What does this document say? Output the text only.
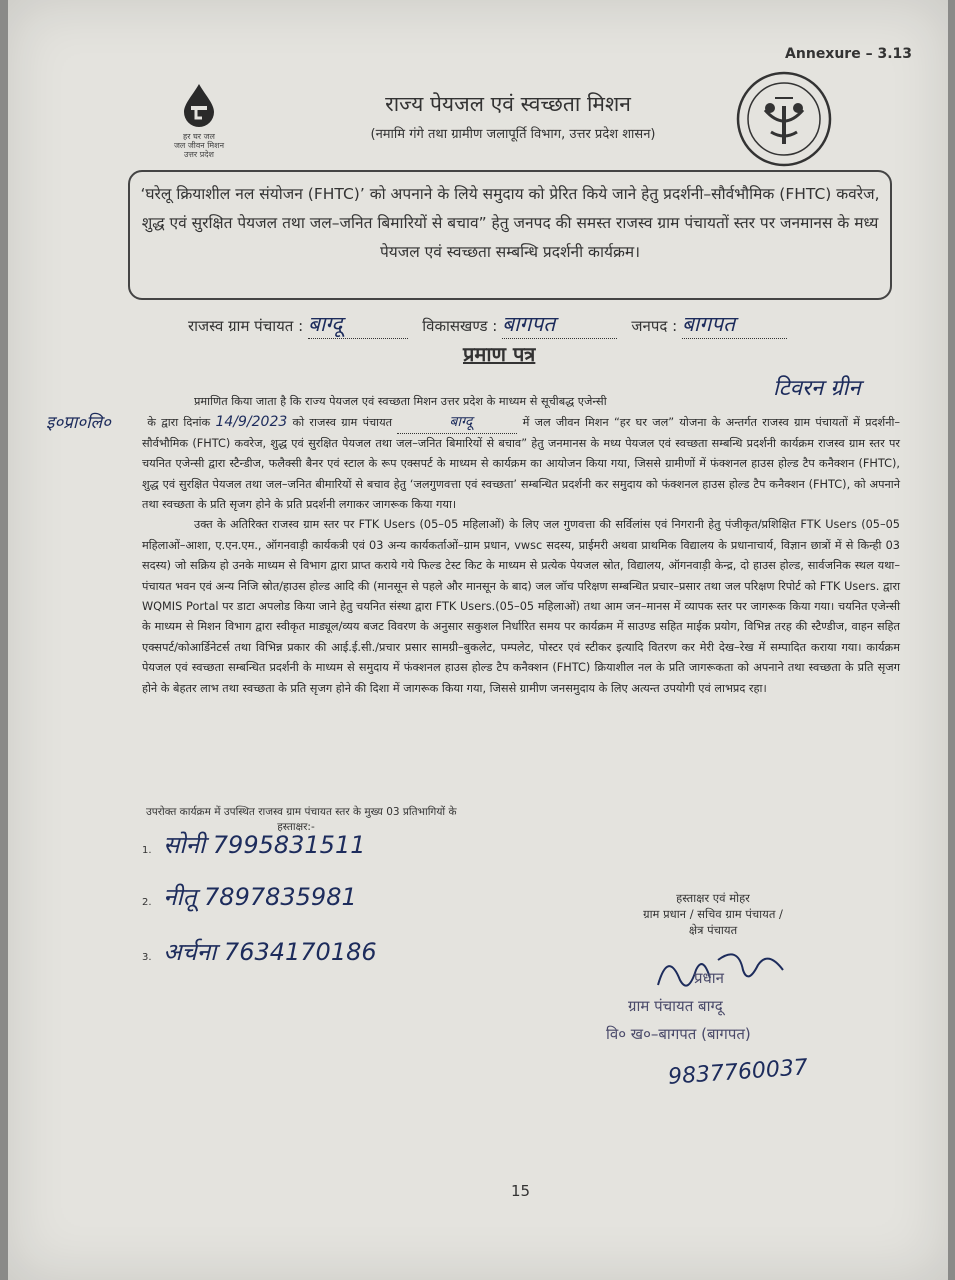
Annexure – 3.13
हर घर जल
जल जीवन मिशन
उत्तर प्रदेश
राज्य पेयजल एवं स्वच्छता मिशन
(नमामि गंगे तथा ग्रामीण जलापूर्ति विभाग, उत्तर प्रदेश शासन)

‘घरेलू क्रियाशील नल संयोजन (FHTC)’ को अपनाने के लिये समुदाय को प्रेरित किये जाने हेतु प्रदर्शनी–सौर्वभौमिक (FHTC) कवरेज, शुद्ध एवं सुरक्षित पेयजल तथा जल–जनित बिमारियों से बचाव” हेतु जनपद की समस्त राजस्व ग्राम पंचायतों स्तर पर जनमानस के मध्य पेयजल एवं स्वच्छता सम्बन्धि प्रदर्शनी कार्यक्रम।

राजस्व ग्राम पंचायत : बाग्दू	विकासखण्ड : बागपत	जनपद : बागपत
प्रमाण पत्र
टिवरन ग्रीन
इ०प्रा०लि०

प्रमाणित किया जाता है कि राज्य पेयजल एवं स्वच्छता मिशन उत्तर प्रदेश के माध्यम से सूचीबद्ध एजेन्सी
के द्वारा दिनांक 14/9/2023 को राजस्व ग्राम पंचायत	बाग्दू	में जल जीवन मिशन “हर घर जल” योजना के अन्तर्गत राजस्व ग्राम पंचायतों में प्रदर्शनी–सौर्वभौमिक (FHTC) कवरेज, शुद्ध एवं सुरक्षित पेयजल तथा जल–जनित बिमारियों से बचाव” हेतु जनमानस के मध्य पेयजल एवं स्वच्छता सम्बन्धि प्रदर्शनी कार्यक्रम राजस्व ग्राम स्तर पर चयनित एजेन्सी द्वारा स्टैन्डीज, फलैक्सी बैनर एवं स्टाल के रूप एक्सपर्ट के माध्यम से कार्यक्रम का आयोजन किया गया, जिससे ग्रामीणों में फंक्शनल हाउस होल्ड टैप कनैक्शन (FHTC), शुद्ध एवं सुरक्षित पेयजल तथा जल–जनित बीमारियों से बचाव हेतु ‘जलगुणवत्ता एवं स्वच्छता’ सम्बन्धित प्रदर्शनी कर समुदाय को फंक्शनल हाउस होल्ड टैप कनैक्शन (FHTC), को अपनाने तथा स्वच्छता के प्रति सृजग होने के प्रति प्रदर्शनी लगाकर जागरूक किया गया।

उक्त के अतिरिक्त राजस्व ग्राम स्तर पर FTK Users (05–05 महिलाओं) के लिए जल गुणवत्ता की सर्विलांस एवं निगरानी हेतु पंजीकृत/प्रशिक्षित FTK Users (05–05 महिलाओं–आशा, ए.एन.एम., ऑगनवाड़ी कार्यकत्री एवं 03 अन्य कार्यकर्ताओं–ग्राम प्रधान, vwsc सदस्य, प्राईमरी अथवा प्राथमिक विद्यालय के प्रधानाचार्य, विज्ञान छात्रों में से किन्ही 03 सदस्य) जो सक्रिय हो उनके माध्यम से विभाग द्वारा प्राप्त कराये गये फिल्ड टेस्ट किट के माध्यम से प्रत्येक पेयजल स्रोत, विद्यालय, ऑगनवाड़ी केन्द्र, दो हाउस होल्ड, सार्वजनिक स्थल यथा–पंचायत भवन एवं अन्य निजि स्रोत/हाउस होल्ड आदि की (मानसून से पहले और मानसून के बाद) जल जॉच परिक्षण सम्बन्धित प्रचार–प्रसार तथा जल परिक्षण रिपोर्ट को FTK Users. द्वारा WQMIS Portal पर डाटा अपलोड किया जाने हेतु चयनित संस्था द्वारा FTK Users.(05–05 महिलाओं) तथा आम जन–मानस में व्यापक स्तर पर जागरूक किया गया। चयनित एजेन्सी के माध्यम से मिशन विभाग द्वारा स्वीकृत माड्यूल/व्यय बजट विवरण के अनुसार सकुशल निर्धारित समय पर कार्यक्रम में साउण्ड सहित माईक प्रयोग, विभिन्न तरह की स्टैण्डीज, वाहन सहित एक्सपर्ट/कोआर्डिनेटर्स तथा विभिन्न प्रकार की आई.ई.सी./प्रचार प्रसार सामग्री–बुकलेट, पम्पलेट, पोस्टर एवं स्टीकर इत्यादि वितरण कर मेरी देख–रेख में सम्पादित कराया गया। कार्यक्रम पेयजल एवं स्वच्छता सम्बन्धित प्रदर्शनी के माध्यम से समुदाय में फंक्शनल हाउस होल्ड टैप कनैक्शन (FHTC) क्रियाशील नल के प्रति जागरूकता को अपनाने तथा स्वच्छता के प्रति सृजग होने के बेहतर लाभ तथा स्वच्छता के प्रति सृजग होने की दिशा में जागरूक किया गया, जिससे ग्रामीण जनसमुदाय के लिए अत्यन्त उपयोगी एवं लाभप्रद रहा।

उपरोक्त कार्यक्रम में उपस्थित राजस्व ग्राम पंचायत स्तर के मुख्य 03 प्रतिभागियों के
हस्ताक्षर:-
1. सोनी 7995831511
2. नीतू 7897835981
3. अर्चना 7634170186
हस्ताक्षर एवं मोहर
ग्राम प्रधान / सचिव ग्राम पंचायत /
क्षेत्र पंचायत
प्रधान
ग्राम पंचायत बाग्दू
वि० ख०–बागपत (बागपत)
9837760037
15
